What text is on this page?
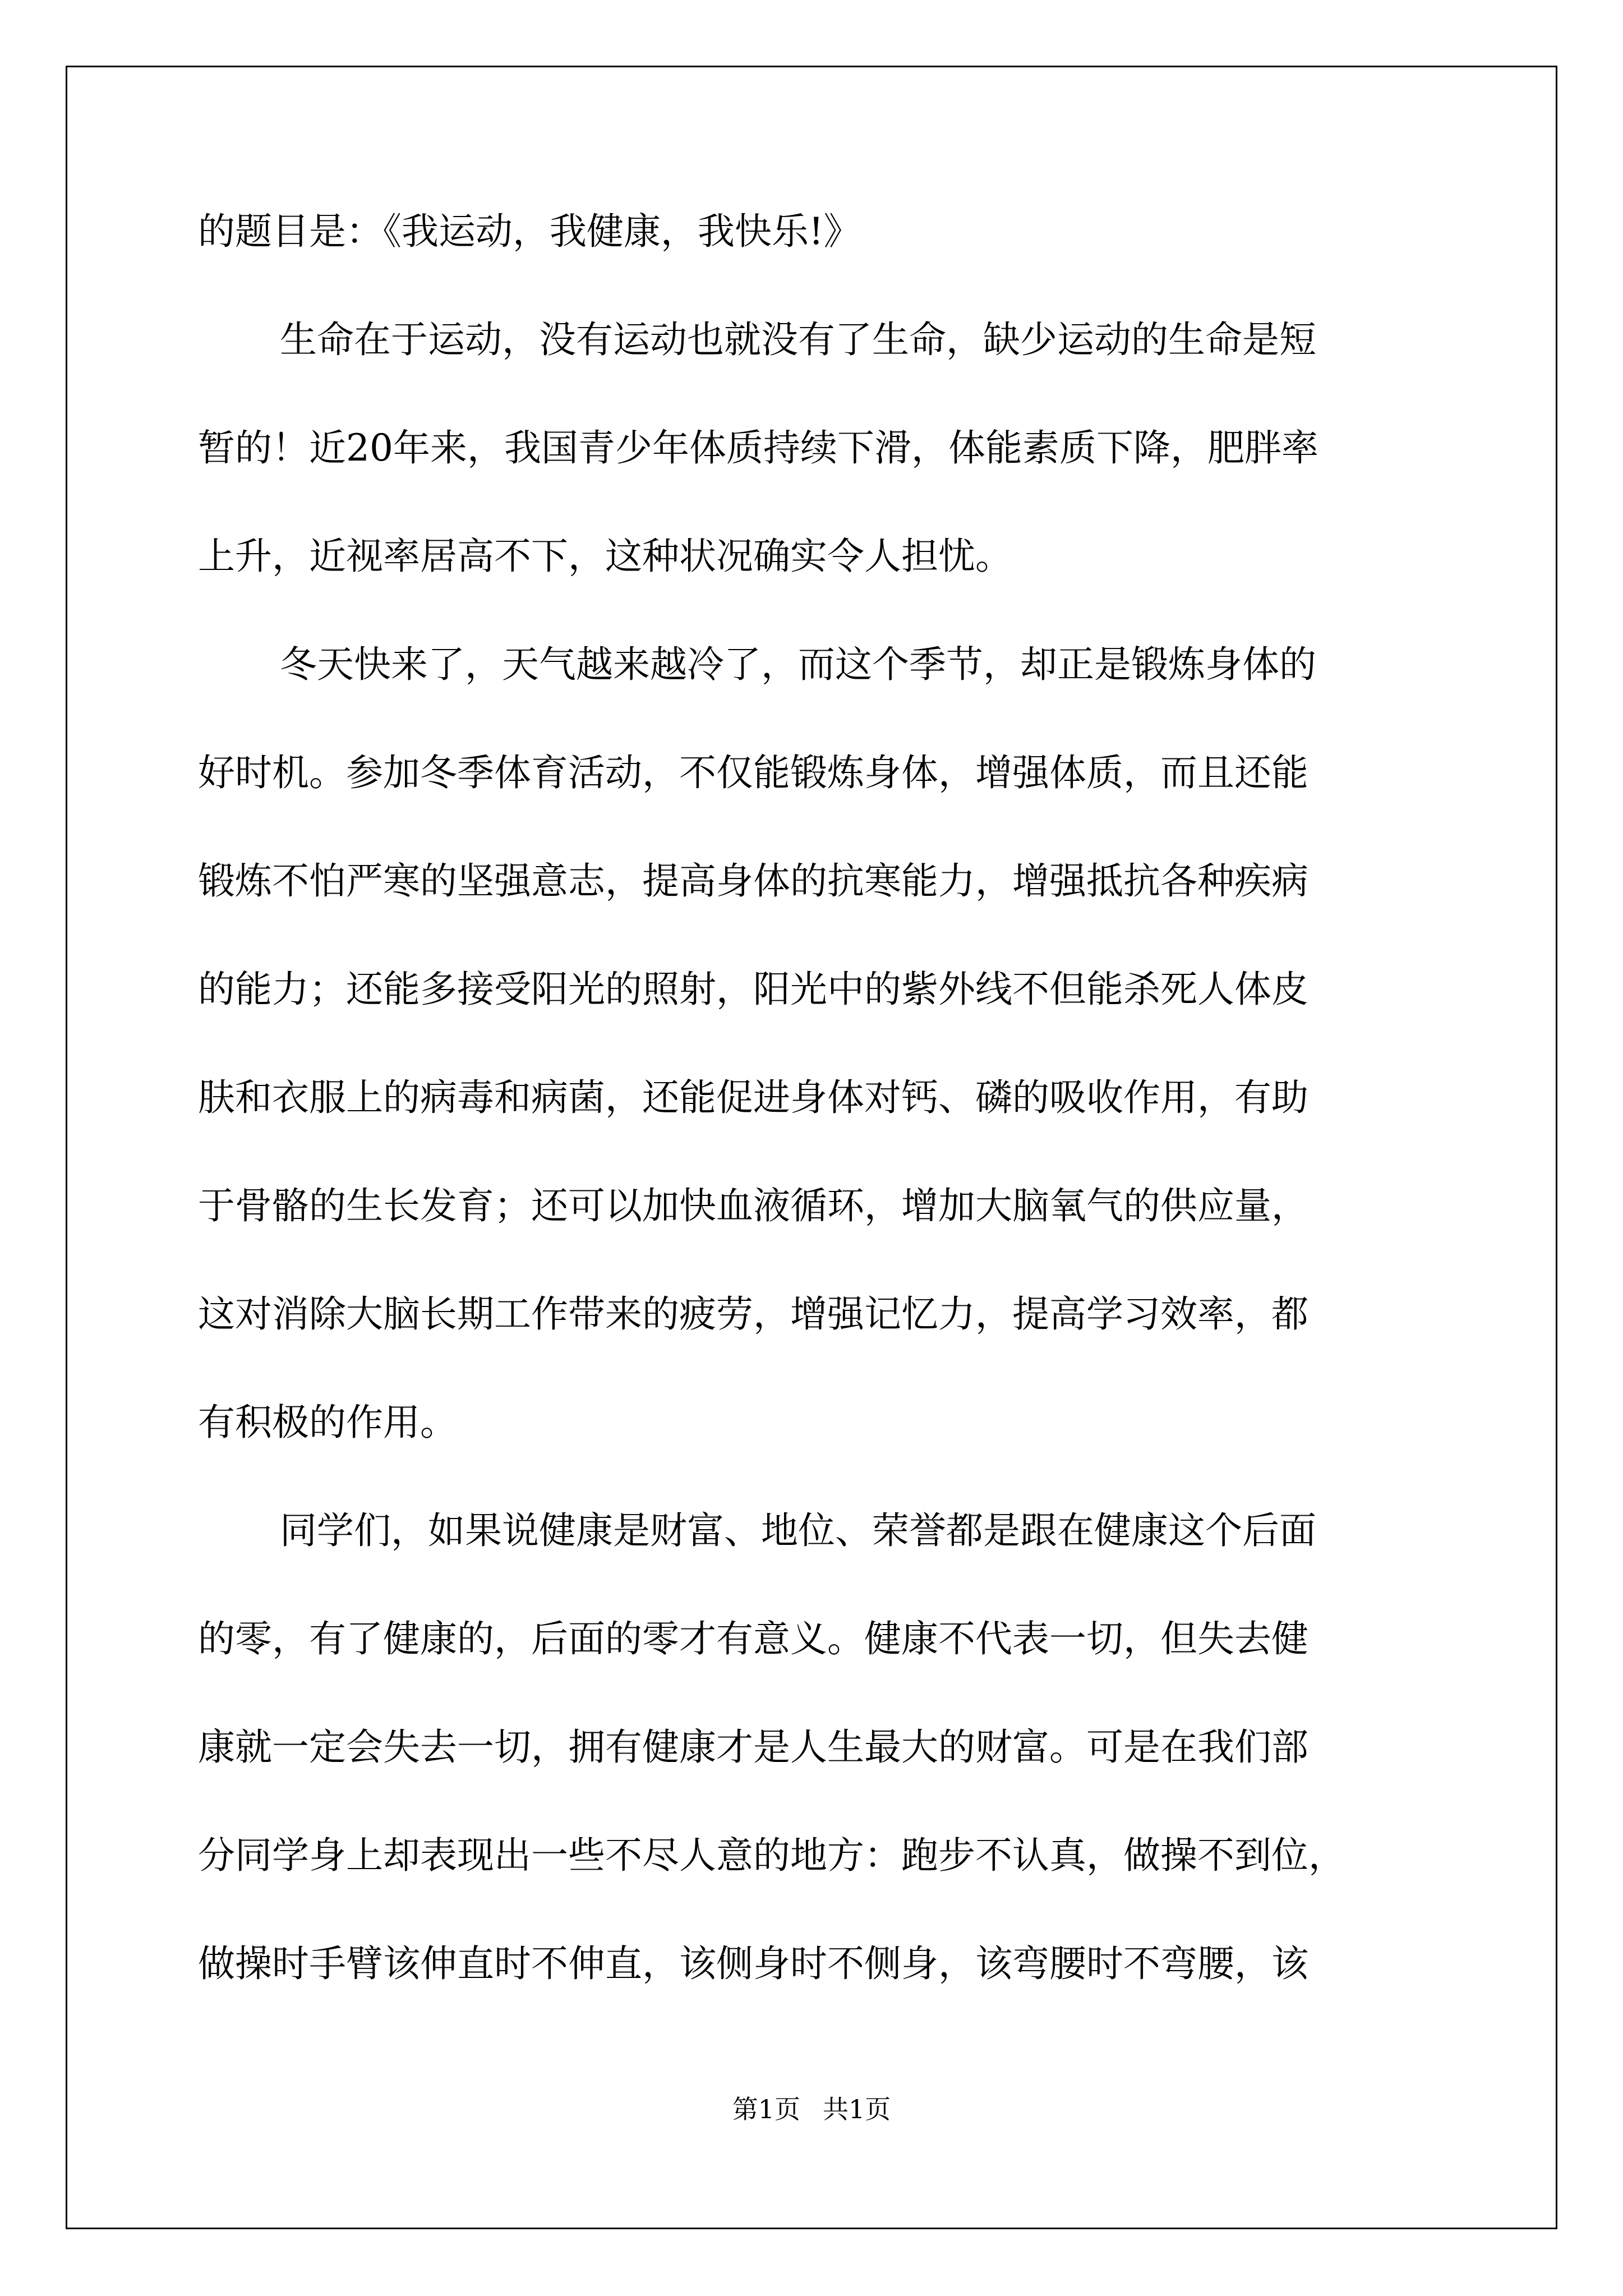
的题目是：《我运动，我健康，我快乐!》
生命在于运动，没有运动也就没有了生命，缺少运动的生命是短
暂的！近20年来，我国青少年体质持续下滑，体能素质下降，肥胖率
上升，近视率居高不下，这种状况确实令人担忧。
冬天快来了，天气越来越冷了，而这个季节，却正是锻炼身体的
好时机。参加冬季体育活动，不仅能锻炼身体，增强体质，而且还能
锻炼不怕严寒的坚强意志，提高身体的抗寒能力，增强抵抗各种疾病
的能力；还能多接受阳光的照射，阳光中的紫外线不但能杀死人体皮
肤和衣服上的病毒和病菌，还能促进身体对钙、磷的吸收作用，有助
于骨骼的生长发育；还可以加快血液循环，增加大脑氧气的供应量，
这对消除大脑长期工作带来的疲劳，增强记忆力，提高学习效率，都
有积极的作用。
同学们，如果说健康是财富、地位、荣誉都是跟在健康这个后面
的零，有了健康的，后面的零才有意义。健康不代表一切，但失去健
康就一定会失去一切，拥有健康才是人生最大的财富。可是在我们部
分同学身上却表现出一些不尽人意的地方：跑步不认真，做操不到位，
做操时手臂该伸直时不伸直，该侧身时不侧身，该弯腰时不弯腰，该
第1页 共1页
